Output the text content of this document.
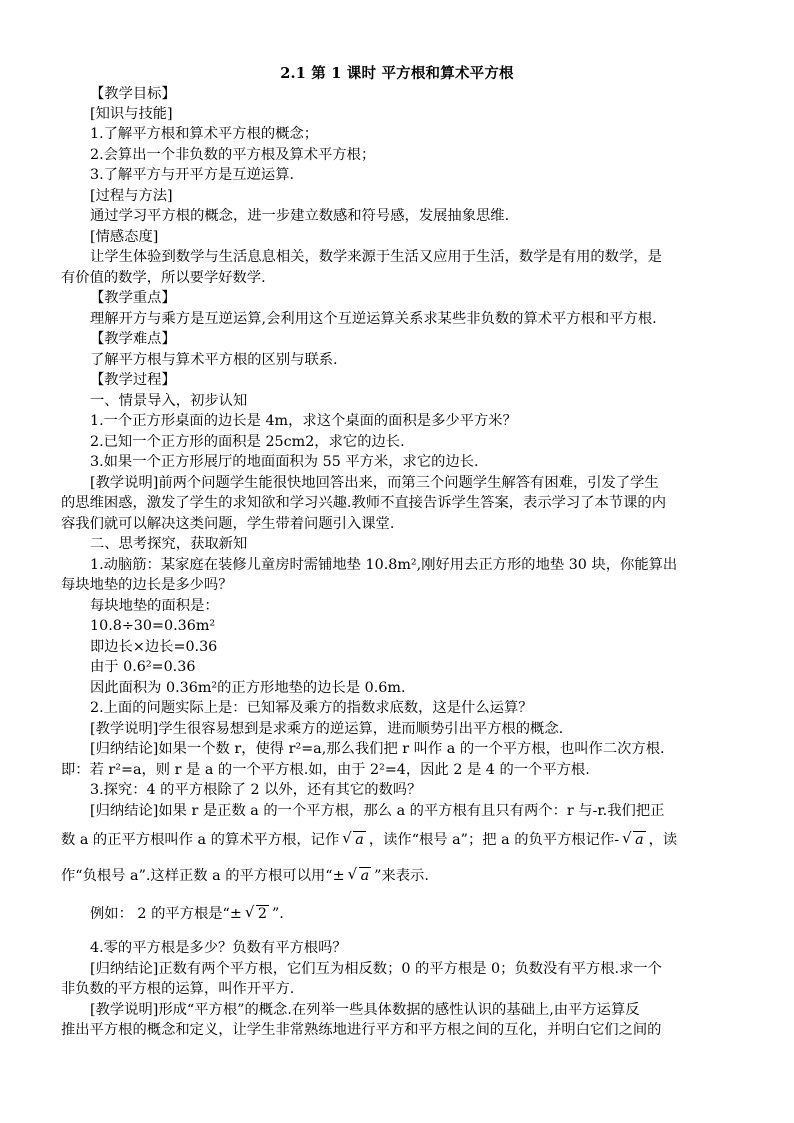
2.1 第 1 课时 平方根和算术平方根
【教学目标】
[知识与技能]
1.了解平方根和算术平方根的概念；
2.会算出一个非负数的平方根及算术平方根；
3.了解平方与开平方是互逆运算.
[过程与方法]
通过学习平方根的概念，进一步建立数感和符号感，发展抽象思维.
[情感态度]
让学生体验到数学与生活息息相关，数学来源于生活又应用于生活，数学是有用的数学，是
有价值的数学，所以要学好数学.
【教学重点】
理解开方与乘方是互逆运算,会利用这个互逆运算关系求某些非负数的算术平方根和平方根.
【教学难点】
了解平方根与算术平方根的区别与联系.
【教学过程】
一、情景导入，初步认知
1.一个正方形桌面的边长是 4m，求这个桌面的面积是多少平方米？
2.已知一个正方形的面积是 25cm2，求它的边长.
3.如果一个正方形展厅的地面面积为 55 平方米，求它的边长.
[教学说明]前两个问题学生能很快地回答出来，而第三个问题学生解答有困难，引发了学生
的思维困惑，激发了学生的求知欲和学习兴趣.教师不直接告诉学生答案，表示学习了本节课的内
容我们就可以解决这类问题，学生带着问题引入课堂.
二、思考探究，获取新知
1.动脑筋：某家庭在装修儿童房时需铺地垫 10.8m²,刚好用去正方形的地垫 30 块，你能算出
每块地垫的边长是多少吗？
每块地垫的面积是：
10.8÷30=0.36m²
即边长×边长=0.36
由于 0.6²=0.36
因此面积为 0.36m²的正方形地垫的边长是 0.6m.
2.上面的问题实际上是：已知幂及乘方的指数求底数，这是什么运算？
[教学说明]学生很容易想到是求乘方的逆运算，进而顺势引出平方根的概念.
[归纳结论]如果一个数 r，使得 r²=a,那么我们把 r 叫作 a 的一个平方根，也叫作二次方根.
即：若 r²=a，则 r 是 a 的一个平方根.如，由于 2²=4，因此 2 是 4 的一个平方根.
3.探究：4 的平方根除了 2 以外，还有其它的数吗？
[归纳结论]如果 r 是正数 a 的一个平方根，那么 a 的平方根有且只有两个：r 与-r.我们把正
数 a 的正平方根叫作 a 的算术平方根，记作 √ a ，读作“根号 a”；把 a 的负平方根记作- √ a ，读
作“负根号 a”.这样正数 a 的平方根可以用“± √ a ”来表示.
例如： 2 的平方根是“± √ 2 ”.
4.零的平方根是多少？负数有平方根吗？
[归纳结论]正数有两个平方根，它们互为相反数；0 的平方根是 0；负数没有平方根.求一个
非负数的平方根的运算，叫作开平方.
[教学说明]形成“平方根”的概念.在列举一些具体数据的感性认识的基础上,由平方运算反
推出平方根的概念和定义，让学生非常熟练地进行平方和平方根之间的互化，并明白它们之间的
